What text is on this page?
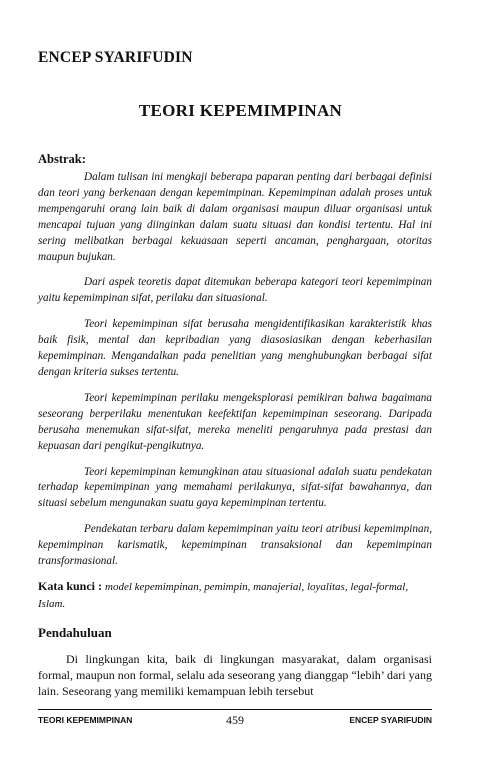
ENCEP SYARIFUDIN
TEORI KEPEMIMPINAN
Abstrak:

Dalam tulisan ini mengkaji beberapa paparan penting dari berbagai definisi dan teori yang berkenaan dengan kepemimpinan. Kepemimpinan adalah proses untuk mempengaruhi orang lain baik di dalam organisasi maupun diluar organisasi untuk mencapai tujuan yang diinginkan dalam suatu situasi dan kondisi tertentu. Hal ini sering melibatkan berbagai kekuasaan seperti ancaman, penghargaan, otoritas maupun bujukan.

Dari aspek teoretis dapat ditemukan beberapa kategori teori kepemimpinan yaitu kepemimpinan sifat, perilaku dan situasional.

Teori kepemimpinan sifat berusaha mengidentifikasikan karakteristik khas baik fisik, mental dan kepribadian yang diasosiasikan dengan keberhasilan kepemimpinan. Mengandalkan pada penelitian yang menghubungkan berbagai sifat dengan kriteria sukses tertentu.

Teori kepemimpinan perilaku mengeksplorasi pemikiran bahwa bagaimana seseorang berperilaku menentukan keefektifan kepemimpinan seseorang. Daripada berusaha menemukan sifat-sifat, mereka meneliti pengaruhnya pada prestasi dan kepuasan dari pengikut-pengikutnya.

Teori kepemimpinan kemungkinan atau situasional adalah suatu pendekatan terhadap kepemimpinan yang memahami perilakunya, sifat-sifat bawahannya, dan situasi sebelum mengunakan suatu gaya kepemimpinan tertentu.

Pendekatan terbaru dalam kepemimpinan yaitu teori atribusi kepemimpinan, kepemimpinan karismatik, kepemimpinan transaksional dan kepemimpinan transformasional.

Kata kunci : model kepemimpinan, pemimpin, manajerial, loyalitas, legal-formal, Islam.
Pendahuluan

Di lingkungan kita, baik di lingkungan masyarakat, dalam organisasi formal, maupun non formal, selalu ada seseorang yang dianggap “lebih’ dari yang lain. Seseorang yang memiliki kemampuan lebih tersebut

TEORI KEPEMIMPINAN	459	ENCEP SYARIFUDIN
